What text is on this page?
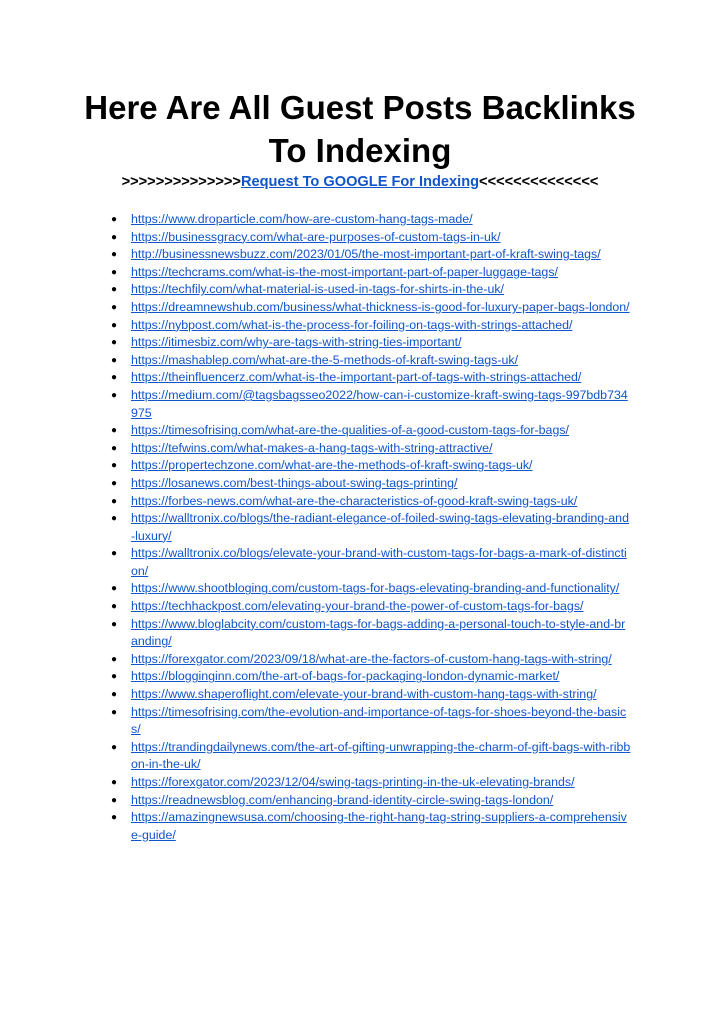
Here Are All Guest Posts Backlinks
To Indexing
>>>>>>>>>>>>>>Request To GOOGLE For Indexing<<<<<<<<<<<<<<
● https://www.droparticle.com/how-are-custom-hang-tags-made/
● https://businessgracy.com/what-are-purposes-of-custom-tags-in-uk/
● http://businessnewsbuzz.com/2023/01/05/the-most-important-part-of-kraft-swing-tags/
● https://techcrams.com/what-is-the-most-important-part-of-paper-luggage-tags/
● https://techfily.com/what-material-is-used-in-tags-for-shirts-in-the-uk/
● https://dreamnewshub.com/business/what-thickness-is-good-for-luxury-paper-bags-london/
● https://nybpost.com/what-is-the-process-for-foiling-on-tags-with-strings-attached/
● https://itimesbiz.com/why-are-tags-with-string-ties-important/
● https://mashablep.com/what-are-the-5-methods-of-kraft-swing-tags-uk/
● https://theinfluencerz.com/what-is-the-important-part-of-tags-with-strings-attached/
● https://medium.com/@tagsbagsseo2022/how-can-i-customize-kraft-swing-tags-997bdb734975
● https://timesofrising.com/what-are-the-qualities-of-a-good-custom-tags-for-bags/
● https://tefwins.com/what-makes-a-hang-tags-with-string-attractive/
● https://propertechzone.com/what-are-the-methods-of-kraft-swing-tags-uk/
● https://losanews.com/best-things-about-swing-tags-printing/
● https://forbes-news.com/what-are-the-characteristics-of-good-kraft-swing-tags-uk/
● https://walltronix.co/blogs/the-radiant-elegance-of-foiled-swing-tags-elevating-branding-and-luxury/
● https://walltronix.co/blogs/elevate-your-brand-with-custom-tags-for-bags-a-mark-of-distinction/
● https://www.shootbloging.com/custom-tags-for-bags-elevating-branding-and-functionality/
● https://techhackpost.com/elevating-your-brand-the-power-of-custom-tags-for-bags/
● https://www.bloglabcity.com/custom-tags-for-bags-adding-a-personal-touch-to-style-and-branding/
● https://forexgator.com/2023/09/18/what-are-the-factors-of-custom-hang-tags-with-string/
● https://blogginginn.com/the-art-of-bags-for-packaging-london-dynamic-market/
● https://www.shaperoflight.com/elevate-your-brand-with-custom-hang-tags-with-string/
● https://timesofrising.com/the-evolution-and-importance-of-tags-for-shoes-beyond-the-basics/
● https://trandingdailynews.com/the-art-of-gifting-unwrapping-the-charm-of-gift-bags-with-ribbon-in-the-uk/
● https://forexgator.com/2023/12/04/swing-tags-printing-in-the-uk-elevating-brands/
● https://readnewsblog.com/enhancing-brand-identity-circle-swing-tags-london/
● https://amazingnewsusa.com/choosing-the-right-hang-tag-string-suppliers-a-comprehensive-guide/
